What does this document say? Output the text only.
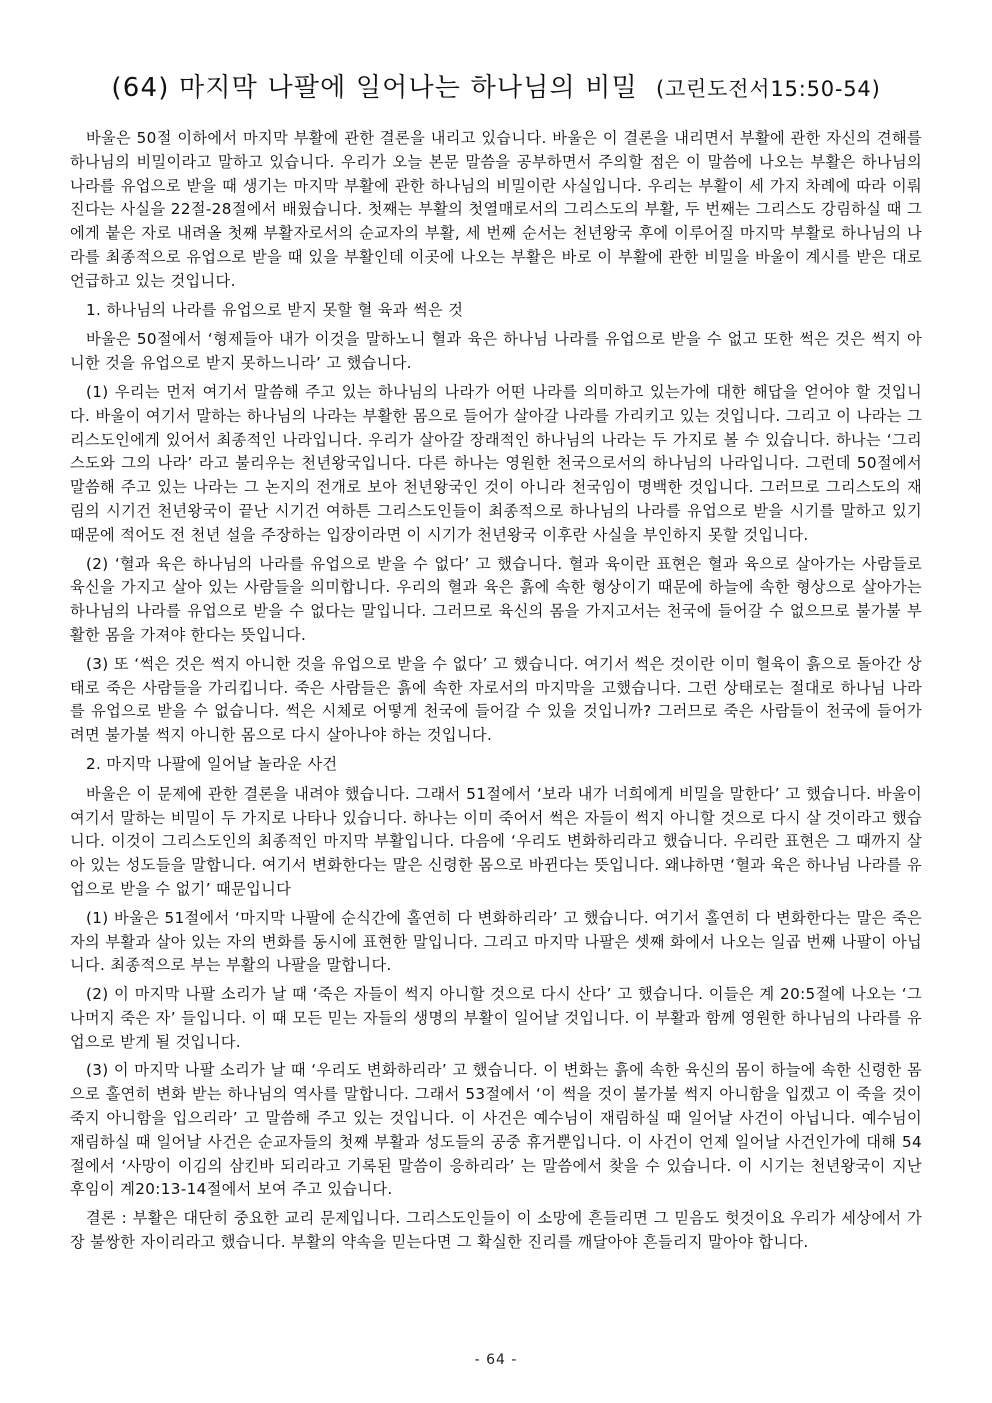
(64) 마지막 나팔에 일어나는 하나님의 비밀 (고린도전서15:50-54)

바울은 50절 이하에서 마지막 부활에 관한 결론을 내리고 있습니다. 바울은 이 결론을 내리면서 부활에 관한 자신의 견해를 하나님의 비밀이라고 말하고 있습니다. 우리가 오늘 본문 말씀을 공부하면서 주의할 점은 이 말씀에 나오는 부활은 하나님의 나라를 유업으로 받을 때 생기는 마지막 부활에 관한 하나님의 비밀이란 사실입니다. 우리는 부활이 세 가지 차례에 따라 이뤄진다는 사실을 22절-28절에서 배웠습니다. 첫째는 부활의 첫열매로서의 그리스도의 부활, 두 번째는 그리스도 강림하실 때 그에게 붙은 자로 내려올 첫째 부활자로서의 순교자의 부활, 세 번째 순서는 천년왕국 후에 이루어질 마지막 부활로 하나님의 나라를 최종적으로 유업으로 받을 때 있을 부활인데 이곳에 나오는 부활은 바로 이 부활에 관한 비밀을 바울이 계시를 받은 대로 언급하고 있는 것입니다.

1. 하나님의 나라를 유업으로 받지 못할 혈 육과 썩은 것

바울은 50절에서 ‘형제들아 내가 이것을 말하노니 혈과 육은 하나님 나라를 유업으로 받을 수 없고 또한 썩은 것은 썩지 아니한 것을 유업으로 받지 못하느니라’ 고 했습니다.

(1) 우리는 먼저 여기서 말씀해 주고 있는 하나님의 나라가 어떤 나라를 의미하고 있는가에 대한 해답을 얻어야 할 것입니다. 바울이 여기서 말하는 하나님의 나라는 부활한 몸으로 들어가 살아갈 나라를 가리키고 있는 것입니다. 그리고 이 나라는 그리스도인에게 있어서 최종적인 나라입니다. 우리가 살아갈 장래적인 하나님의 나라는 두 가지로 볼 수 있습니다. 하나는 ‘그리스도와 그의 나라’ 라고 불리우는 천년왕국입니다. 다른 하나는 영원한 천국으로서의 하나님의 나라입니다. 그런데 50절에서 말씀해 주고 있는 나라는 그 논지의 전개로 보아 천년왕국인 것이 아니라 천국임이 명백한 것입니다. 그러므로 그리스도의 재림의 시기건 천년왕국이 끝난 시기건 여하튼 그리스도인들이 최종적으로 하나님의 나라를 유업으로 받을 시기를 말하고 있기 때문에 적어도 전 천년 설을 주장하는 입장이라면 이 시기가 천년왕국 이후란 사실을 부인하지 못할 것입니다.

(2) ‘혈과 육은 하나님의 나라를 유업으로 받을 수 없다’ 고 했습니다. 혈과 육이란 표현은 혈과 육으로 살아가는 사람들로 육신을 가지고 살아 있는 사람들을 의미합니다. 우리의 혈과 육은 흙에 속한 형상이기 때문에 하늘에 속한 형상으로 살아가는 하나님의 나라를 유업으로 받을 수 없다는 말입니다. 그러므로 육신의 몸을 가지고서는 천국에 들어갈 수 없으므로 불가불 부활한 몸을 가져야 한다는 뜻입니다.

(3) 또 ‘썩은 것은 썩지 아니한 것을 유업으로 받을 수 없다’ 고 했습니다. 여기서 썩은 것이란 이미 혈육이 흙으로 돌아간 상태로 죽은 사람들을 가리킵니다. 죽은 사람들은 흙에 속한 자로서의 마지막을 고했습니다. 그런 상태로는 절대로 하나님 나라를 유업으로 받을 수 없습니다. 썩은 시체로 어떻게 천국에 들어갈 수 있을 것입니까? 그러므로 죽은 사람들이 천국에 들어가려면 불가불 썩지 아니한 몸으로 다시 살아나야 하는 것입니다.

2. 마지막 나팔에 일어날 놀라운 사건

바울은 이 문제에 관한 결론을 내려야 했습니다. 그래서 51절에서 ‘보라 내가 너희에게 비밀을 말한다’ 고 했습니다. 바울이 여기서 말하는 비밀이 두 가지로 나타나 있습니다. 하나는 이미 죽어서 썩은 자들이 썩지 아니할 것으로 다시 살 것이라고 했습니다. 이것이 그리스도인의 최종적인 마지막 부활입니다. 다음에 ‘우리도 변화하리라고 했습니다. 우리란 표현은 그 때까지 살아 있는 성도들을 말합니다. 여기서 변화한다는 말은 신령한 몸으로 바뀐다는 뜻입니다. 왜냐하면 ‘혈과 육은 하나님 나라를 유업으로 받을 수 없기’ 때문입니다

(1) 바울은 51절에서 ‘마지막 나팔에 순식간에 홀연히 다 변화하리라’ 고 했습니다. 여기서 홀연히 다 변화한다는 말은 죽은 자의 부활과 살아 있는 자의 변화를 동시에 표현한 말입니다. 그리고 마지막 나팔은 셋째 화에서 나오는 일곱 번째 나팔이 아닙니다. 최종적으로 부는 부활의 나팔을 말합니다.

(2) 이 마지막 나팔 소리가 날 때 ‘죽은 자들이 썩지 아니할 것으로 다시 산다’ 고 했습니다. 이들은 계 20:5절에 나오는 ‘그 나머지 죽은 자’ 들입니다. 이 때 모든 믿는 자들의 생명의 부활이 일어날 것입니다. 이 부활과 함께 영원한 하나님의 나라를 유업으로 받게 될 것입니다.

(3) 이 마지막 나팔 소리가 날 때 ‘우리도 변화하리라’ 고 했습니다. 이 변화는 흙에 속한 육신의 몸이 하늘에 속한 신령한 몸으로 홀연히 변화 받는 하나님의 역사를 말합니다. 그래서 53절에서 ‘이 썩을 것이 불가불 썩지 아니함을 입겠고 이 죽을 것이 죽지 아니함을 입으리라’ 고 말씀해 주고 있는 것입니다. 이 사건은 예수님이 재림하실 때 일어날 사건이 아닙니다. 예수님이 재림하실 때 일어날 사건은 순교자들의 첫째 부활과 성도들의 공중 휴거뿐입니다. 이 사건이 언제 일어날 사건인가에 대해 54절에서 ‘사망이 이김의 삼킨바 되리라고 기록된 말씀이 응하리라’ 는 말씀에서 찾을 수 있습니다. 이 시기는 천년왕국이 지난 후임이 계20:13-14절에서 보여 주고 있습니다.

결론 : 부활은 대단히 중요한 교리 문제입니다. 그리스도인들이 이 소망에 흔들리면 그 믿음도 헛것이요 우리가 세상에서 가장 불쌍한 자이리라고 했습니다. 부활의 약속을 믿는다면 그 확실한 진리를 깨달아야 흔들리지 말아야 합니다.

- 64 -
